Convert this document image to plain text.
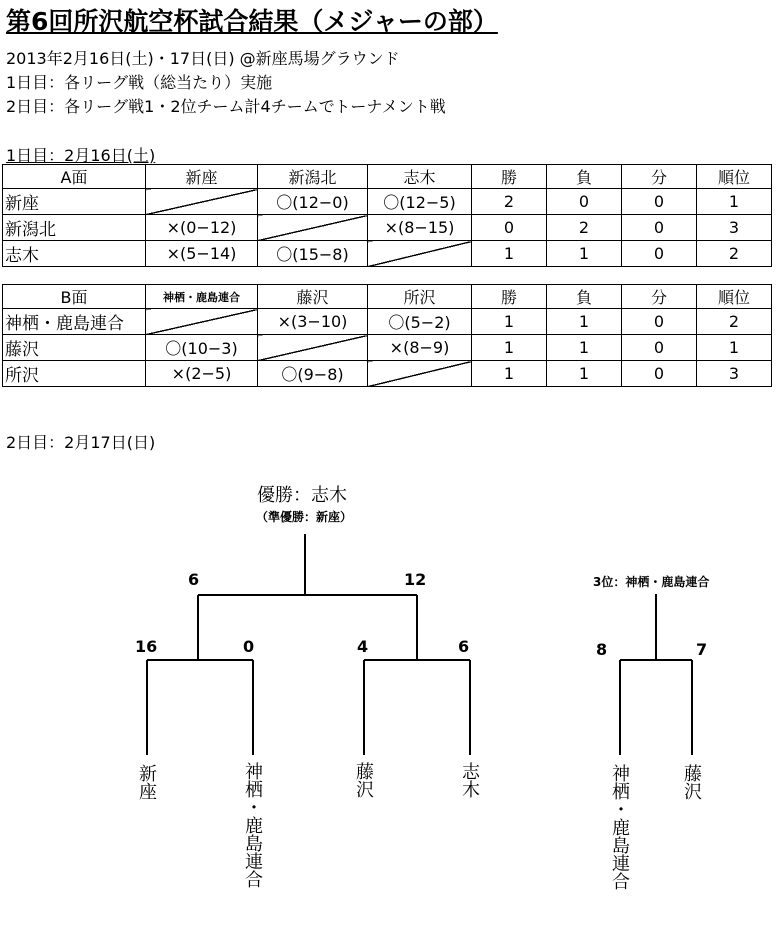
第6回所沢航空杯試合結果（メジャーの部）
2013年2月16日(土)・17日(日) @新座馬場グラウンド
1日目：各リーグ戦（総当たり）実施
2日目：各リーグ戦1・2位チーム計4チームでトーナメント戦
1日目：2月16日(土)
A面	新座	新潟北	志木	勝	負	分	順位
新座		〇(12−0)	〇(12−5)	2	0	0	1
新潟北	×(0−12)		×(8−15)	0	2	0	3
志木	×(5−14)	〇(15−8)		1	1	0	2
B面	神栖・鹿島連合	藤沢	所沢	勝	負	分	順位
神栖・鹿島連合		×(3−10)	〇(5−2)	1	1	0	2
藤沢	〇(10−3)		×(8−9)	1	1	0	1
所沢	×(2−5)	〇(9−8)		1	1	0	3
2日目：2月17日(日)
優勝：志木
（準優勝：新座）
6	12
16	0	4	6
新座	神栖・鹿島連合	藤沢	志木
3位：神栖・鹿島連合
8	7
神栖・鹿島連合	藤沢
